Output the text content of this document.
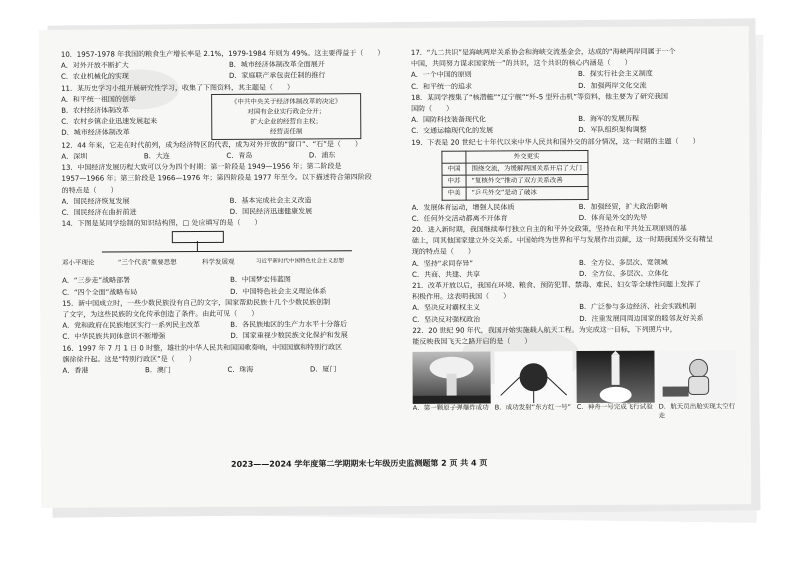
10．1957-1978 年我国的粮食生产增长率是 2.1%，1979-1984 年则为 49%。这主要得益于（　　）
A．对外开放不断扩大	B．城市经济体制改革全面展开
C．农业机械化的实现	D．家庭联产承包责任制的推行
11．某历史学习小组开展研究性学习，收集了下图资料，其主题是（　　）
A．和平统一祖国的创举
B．农村经济体制改革
C．农村乡镇企业迅速发展起来
D．城市经济体制改革
《中共中央关于经济体制改革的决定》
对国有企业实行政企分开；
扩大企业的经营自主权；
经营责任制
12．44 年来，它走在时代前列，成为经济特区的代表，成为对外开放的“窗口”、“石”是（　　）
A．深圳	B．大连	C．青岛	D．浦东
13．中国经济发展历程大致可以分为四个时期：第一阶段是 1949—1956 年；第二阶段是
1957—1966 年；第三阶段是 1966—1976 年；第四阶段是 1977 年至今。以下描述符合第四阶段
的特点是（　　）
A．国民经济恢复发展	B．基本完成社会主义改造
C．国民经济在曲折前进	D．国民经济迅速健康发展
14．下图是某同学绘制的知识结构图，□ 处应填写的是（　　）
邓小平理论	“三个代表”重要思想	科学发展观	习近平新时代中国特色社会主义思想
A．“三步走”战略部署	B．中国梦宏伟蓝图
C．“四个全面”战略布局	D．中国特色社会主义理论体系
15．新中国成立时，一些少数民族没有自己的文字，国家帮助民族十几个少数民族创制
了文字，为这些民族的文化传承创造了条件。由此可见（　　）
A．党和政府在民族地区实行一系列民主改革	B．各民族地区的生产力水平十分落后
C．中华民族共同体意识不断增强	D．国家重视少数民族文化保护和发展
16．1997 年 7 月 1 日 0 时整，雄壮的中华人民共和国国歌奏响，中国国旗和特别行政区
旗徐徐升起。这是“特别行政区”是（　　）
A．香港	B．澳门	C．珠海	D．厦门
17．“九二共识”是海峡两岸关系协会和海峡交流基金会，达成的“海峡两岸同属于一个
中国，共同努力谋求国家统一”的共识，这个共识的核心内涵是（　　）
A．一个中国的原则	B．探实行社会主义制度
C．和平统一的追求	D．加强两岸文化交流
18．某同学搜集了“核潜艇”“辽宁舰”“歼-5 型歼击机”等资料，他主要为了研究我国
国防（　　）
A．国防科技装备现代化	B．海军的发展历程
C．交通运输现代化的发展	D．军队组织架构调整
19．下表是 20 世纪七十年代以来中华人民共和国外交的部分情况，这一时期的主题（　　）
	外交更实
中国	围绕交流，为缓解两国关系开启了大门
中苏	“复核外交”推动了双方关系改善
中美	“乒乓外交”是动了破冰
A．发展体育运动，增强人民体质	B．加强经贸，扩大政治影响
C．任何外交活动都离不开体育	D．体育是外交的先导
20．进入新时期，我国继续奉行独立自主的和平外交政策，坚持在和平共处五项原则的基
础上，同其他国家建立外交关系。中国始终为世界和平与发展作出贡献，这一时期我国外交有精呈
现的特点是（　　）
A．坚持“求同存异”	B．全方位、多层次、宽领域
C．共商、共建、共享	D．全方位、多层次、立体化
21．改革开放以后，我国在环境、粮食、预防犯罪、禁毒、难民、妇女等全球性问题上发挥了
积极作用。这表明我国（　　）
A．坚决反对霸权主义	B．广泛参与多边经济、社会实践机制
C．坚决反对强权政治	D．注重发展同周边国家的睦邻友好关系
22．20 世纪 90 年代，我国开始实施载人航天工程。为完成这一目标，下列照片中，
能反映我国飞天之路开启的是（　　）
A．第一颗原子弹爆炸成功 B．成功发射“东方红一号” C．神舟一号完成飞行试验 D．航天员出舱实现太空行走
2023——2024 学年度第二学期期末七年级历史监测题第 2 页 共 4 页
